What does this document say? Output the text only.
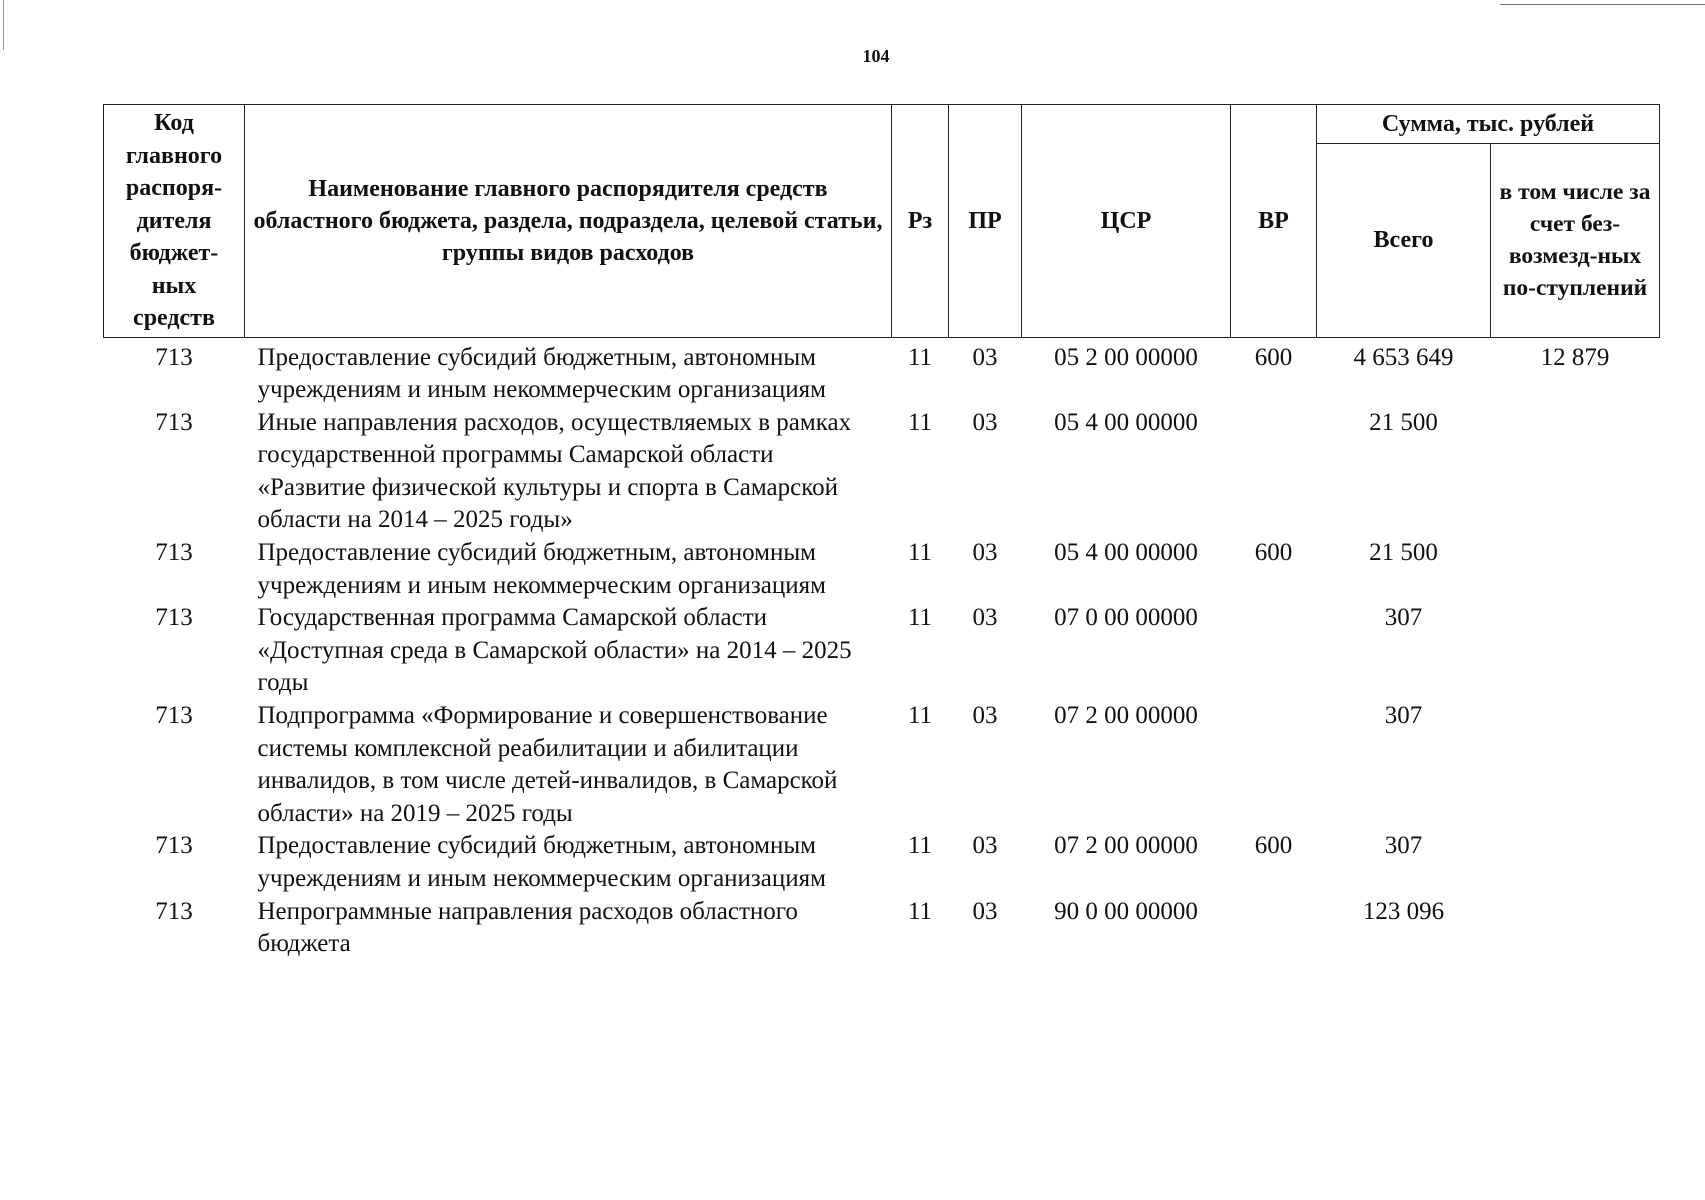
104
Код главного распоря-дителя бюджет-ных средств	Наименование главного распорядителя средств областного бюджета, раздела, подраздела, целевой статьи, группы видов расходов	Рз	ПР	ЦСР	ВР	Сумма, тыс. рублей	
						Всего	в том числе за счет без-возмезд-ных по-ступлений
713	Предоставление субсидий бюджетным, автономным учреждениям и иным некоммерческим организациям	11	03	05 2 00 00000	600	4 653 649	12 879
713	Иные направления расходов, осуществляемых в рамках государственной программы Самарской области «Развитие физической культуры и спорта в Самарской области на 2014 – 2025 годы»	11	03	05 4 00 00000		21 500	
713	Предоставление субсидий бюджетным, автономным учреждениям и иным некоммерческим организациям	11	03	05 4 00 00000	600	21 500	
713	Государственная программа Самарской области «Доступная среда в Самарской области» на 2014 – 2025 годы	11	03	07 0 00 00000		307	
713	Подпрограмма «Формирование и совершенствование системы комплексной реабилитации и абилитации инвалидов, в том числе детей-инвалидов, в Самарской области» на 2019 – 2025 годы	11	03	07 2 00 00000		307	
713	Предоставление субсидий бюджетным, автономным учреждениям и иным некоммерческим организациям	11	03	07 2 00 00000	600	307	
713	Непрограммные направления расходов областного бюджета	11	03	90 0 00 00000		123 096	
